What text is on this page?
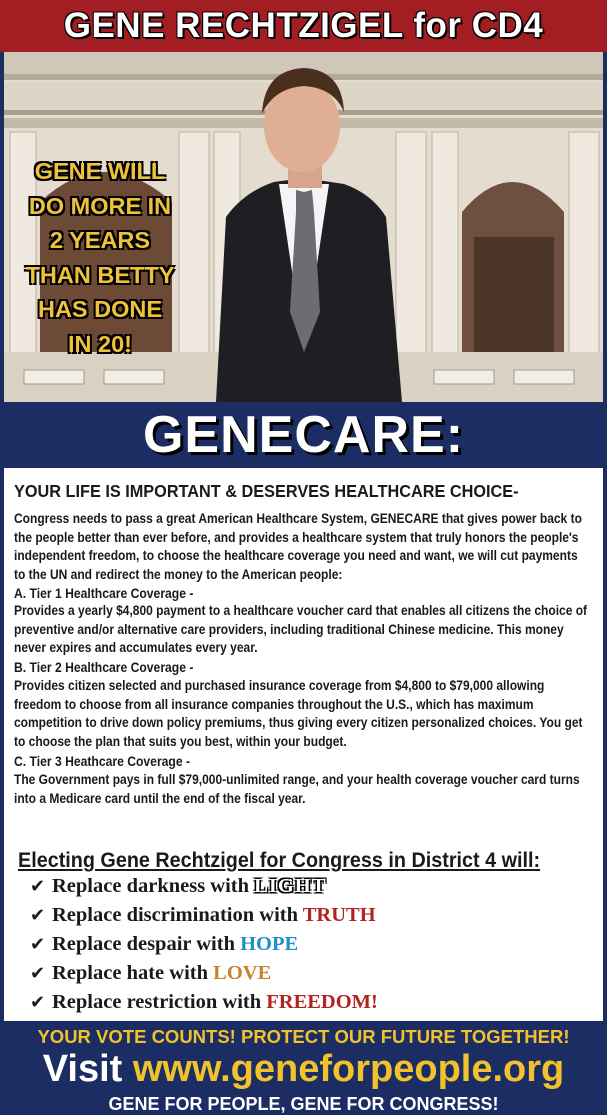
GENE RECHTZIGEL for CD4
GENE WILL
DO MORE IN
2 YEARS
THAN BETTY
HAS DONE
IN 20!
GENECARE:
YOUR LIFE IS IMPORTANT & DESERVES HEALTHCARE CHOICE-
Congress needs to pass a great American Healthcare System, GENECARE that gives power back to the people better than ever before, and provides a healthcare system that truly honors the people's independent freedom, to choose the healthcare coverage you need and want, we will cut payments to the UN and redirect the money to the American people:
A. Tier 1 Healthcare Coverage -
Provides a yearly $4,800 payment to a healthcare voucher card that enables all citizens the choice of preventive and/or alternative care providers, including traditional Chinese medicine. This money never expires and accumulates every year.
B. Tier 2 Healthcare Coverage -
Provides citizen selected and purchased insurance coverage from $4,800 to $79,000 allowing freedom to choose from all insurance companies throughout the U.S., which has maximum competition to drive down policy premiums, thus giving every citizen personalized choices. You get to choose the plan that suits you best, within your budget.
C. Tier 3 Heathcare Coverage -
The Government pays in full $79,000-unlimited range, and your health coverage voucher card turns into a Medicare card until the end of the fiscal year.
Electing Gene Rechtzigel for Congress in District 4 will:
✔ Replace darkness with LIGHT
✔ Replace discrimination with TRUTH
✔ Replace despair with HOPE
✔ Replace hate with LOVE
✔ Replace restriction with FREEDOM!
YOUR VOTE COUNTS! PROTECT OUR FUTURE TOGETHER!
Visit www.geneforpeople.org
GENE FOR PEOPLE, GENE FOR CONGRESS!
